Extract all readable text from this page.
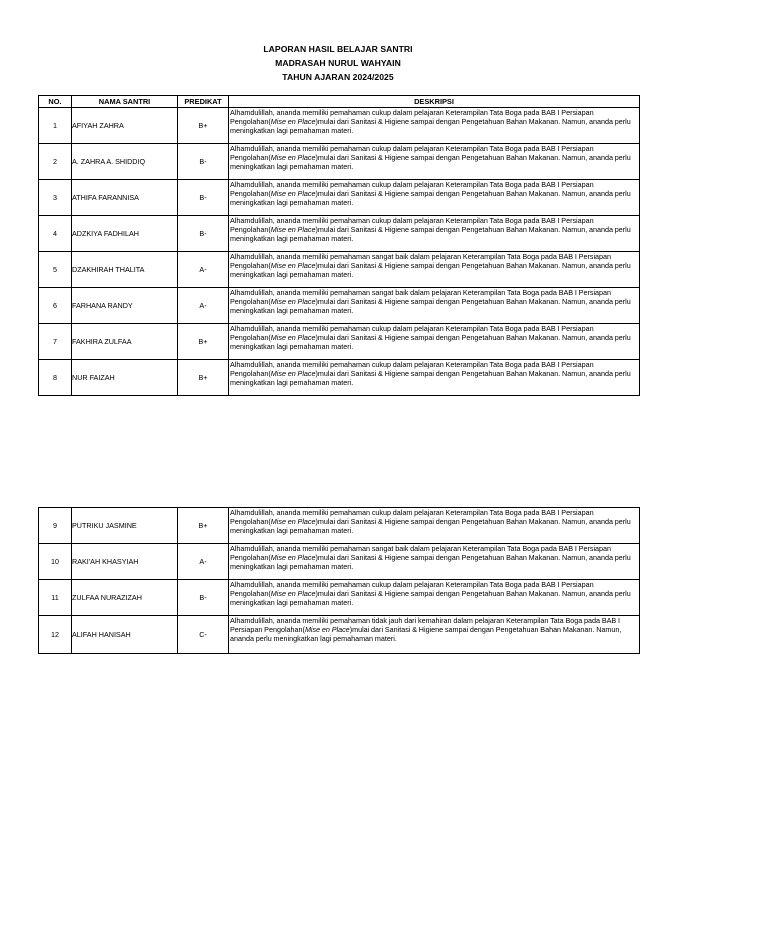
LAPORAN HASIL BELAJAR SANTRI
MADRASAH NURUL WAHYAIN
TAHUN AJARAN 2024/2025
NO.	NAMA SANTRI	PREDIKAT	DESKRIPSI
1	AFIYAH ZAHRA	B+	Alhamdulillah, ananda memiliki pemahaman cukup dalam pelajaran Keterampilan Tata Boga pada BAB I Persiapan Pengolahan(Mise en Place)mulai dari Sanitasi & Higiene sampai dengan Pengetahuan Bahan Makanan. Namun, ananda perlu meningkatkan lagi pemahaman materi.
2	A. ZAHRA A. SHIDDIQ	B-	Alhamdulillah, ananda memiliki pemahaman cukup dalam pelajaran Keterampilan Tata Boga pada BAB I Persiapan Pengolahan(Mise en Place)mulai dari Sanitasi & Higiene sampai dengan Pengetahuan Bahan Makanan. Namun, ananda perlu meningkatkan lagi pemahaman materi.
3	ATHIFA FARANNISA	B-	Alhamdulillah, ananda memiliki pemahaman cukup dalam pelajaran Keterampilan Tata Boga pada BAB I Persiapan Pengolahan(Mise en Place)mulai dari Sanitasi & Higiene sampai dengan Pengetahuan Bahan Makanan. Namun, ananda perlu meningkatkan lagi pemahaman materi.
4	ADZKIYA FADHILAH	B-	Alhamdulillah, ananda memiliki pemahaman cukup dalam pelajaran Keterampilan Tata Boga pada BAB I Persiapan Pengolahan(Mise en Place)mulai dari Sanitasi & Higiene sampai dengan Pengetahuan Bahan Makanan. Namun, ananda perlu meningkatkan lagi pemahaman materi.
5	DZAKHIRAH THALITA	A-	Alhamdulillah, ananda memiliki pemahaman sangat baik dalam pelajaran Keterampilan Tata Boga pada BAB I Persiapan Pengolahan(Mise en Place)mulai dari Sanitasi & Higiene sampai dengan Pengetahuan Bahan Makanan. Namun, ananda perlu meningkatkan lagi pemahaman materi.
6	FARHANA RANDY	A-	Alhamdulillah, ananda memiliki pemahaman sangat baik dalam pelajaran Keterampilan Tata Boga pada BAB I Persiapan Pengolahan(Mise en Place)mulai dari Sanitasi & Higiene sampai dengan Pengetahuan Bahan Makanan. Namun, ananda perlu meningkatkan lagi pemahaman materi.
7	FAKHIRA ZULFAA	B+	Alhamdulillah, ananda memiliki pemahaman cukup dalam pelajaran Keterampilan Tata Boga pada BAB I Persiapan Pengolahan(Mise en Place)mulai dari Sanitasi & Higiene sampai dengan Pengetahuan Bahan Makanan. Namun, ananda perlu meningkatkan lagi pemahaman materi.
8	NUR FAIZAH	B+	Alhamdulillah, ananda memiliki pemahaman cukup dalam pelajaran Keterampilan Tata Boga pada BAB I Persiapan Pengolahan(Mise en Place)mulai dari Sanitasi & Higiene sampai dengan Pengetahuan Bahan Makanan. Namun, ananda perlu meningkatkan lagi pemahaman materi.
9	PUTRIKU JASMINE	B+	Alhamdulillah, ananda memiliki pemahaman cukup dalam pelajaran Keterampilan Tata Boga pada BAB I Persiapan Pengolahan(Mise en Place)mulai dari Sanitasi & Higiene sampai dengan Pengetahuan Bahan Makanan. Namun, ananda perlu meningkatkan lagi pemahaman materi.
10	RAKI'AH KHASYIAH	A-	Alhamdulillah, ananda memiliki pemahaman sangat baik dalam pelajaran Keterampilan Tata Boga pada BAB I Persiapan Pengolahan(Mise en Place)mulai dari Sanitasi & Higiene sampai dengan Pengetahuan Bahan Makanan. Namun, ananda perlu meningkatkan lagi pemahaman materi.
11	ZULFAA NURAZIZAH	B-	Alhamdulillah, ananda memiliki pemahaman cukup dalam pelajaran Keterampilan Tata Boga pada BAB I Persiapan Pengolahan(Mise en Place)mulai dari Sanitasi & Higiene sampai dengan Pengetahuan Bahan Makanan. Namun, ananda perlu meningkatkan lagi pemahaman materi.
12	ALIFAH HANISAH	C-	Alhamdulillah, ananda memiliki pemahaman tidak jauh dari kemahiran dalam pelajaran Keterampilan Tata Boga pada BAB I Persiapan Pengolahan(Mise en Place)mulai dari Sanitasi & Higiene sampai dengan Pengetahuan Bahan Makanan. Namun, ananda perlu meningkatkan lagi pemahaman materi.
